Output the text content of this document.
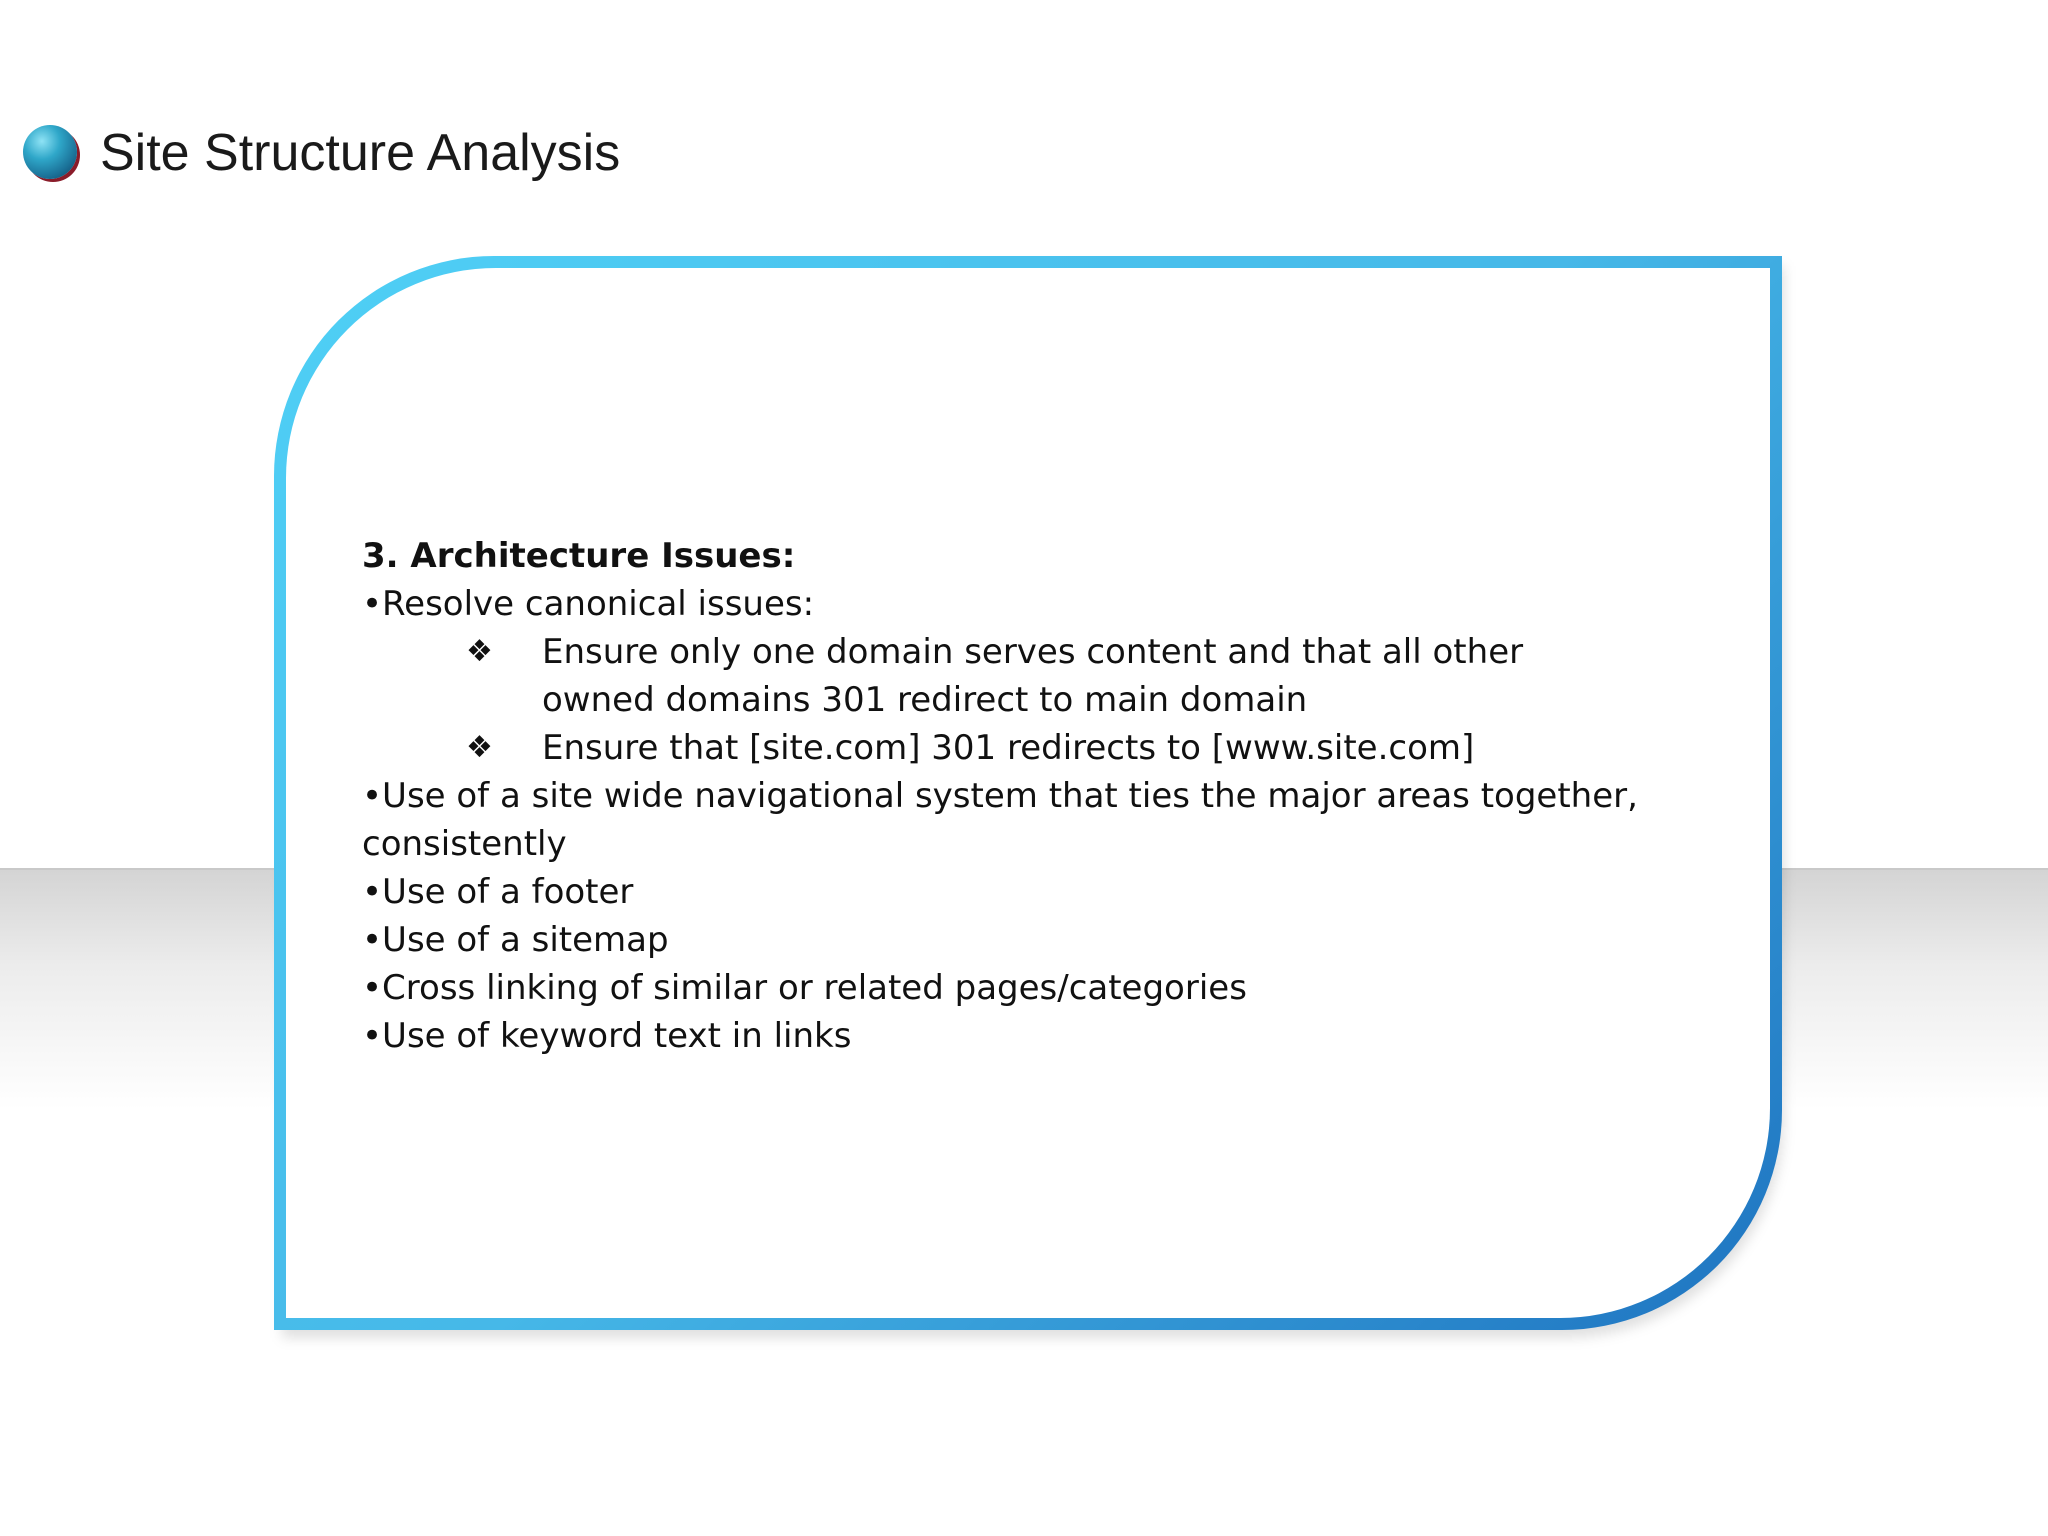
Site Structure Analysis

3. Architecture Issues:

•Resolve canonical issues:

❖ Ensure only one domain serves content and that all other owned domains 301 redirect to main domain

❖ Ensure that [site.com] 301 redirects to [www.site.com]

•Use of a site wide navigational system that ties the major areas together, consistently

•Use of a footer

•Use of a sitemap

•Cross linking of similar or related pages/categories

•Use of keyword text in links
